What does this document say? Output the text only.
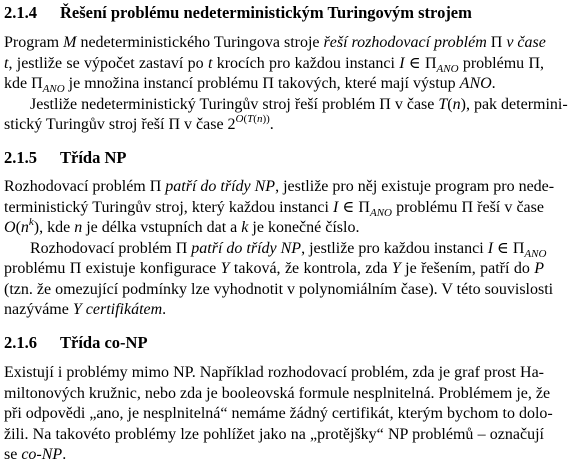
2.1.4 Řešení problému nedeterministickým Turingovým strojem
Program M nedeterministického Turingova stroje řeší rozhodovací problém Π v čase
t, jestliže se výpočet zastaví po t krocích pro každou instanci I ∈ $\Pi_{ANO}$ problému Π,
kde $\Pi_{ANO}$ je množina instancí problému Π takových, které mají výstup ANO.
Jestliže nedeterministický Turingův stroj řeší problém Π v čase T(n), pak determini-
stický Turingův stroj řeší Π v čase $2^{O(T(n))}$.
2.1.5 Třída NP
Rozhodovací problém Π patří do třídy NP, jestliže pro něj existuje program pro nede-
terministický Turingův stroj, který každou instanci I ∈ $\Pi_{ANO}$ problému Π řeší v čase
$O(n^k)$, kde n je délka vstupních dat a k je konečné číslo.
Rozhodovací problém Π patří do třídy NP, jestliže pro každou instanci I ∈ $\Pi_{ANO}$
problému Π existuje konfigurace Y taková, že kontrola, zda Y je řešením, patří do P
(tzn. že omezující podmínky lze vyhodnotit v polynomiálním čase). V této souvislosti
nazýváme Y certifikátem.
2.1.6 Třída co-NP
Existují i problémy mimo NP. Například rozhodovací problém, zda je graf prost Ha-
miltonových kružnic, nebo zda je booleovská formule nesplnitelná. Problémem je, že
při odpovědi „ano, je nesplnitelná“ nemáme žádný certifikát, kterým bychom to dolo-
žili. Na takovéto problémy lze pohlížet jako na „protějšky“ NP problémů – označují
se co-NP.
